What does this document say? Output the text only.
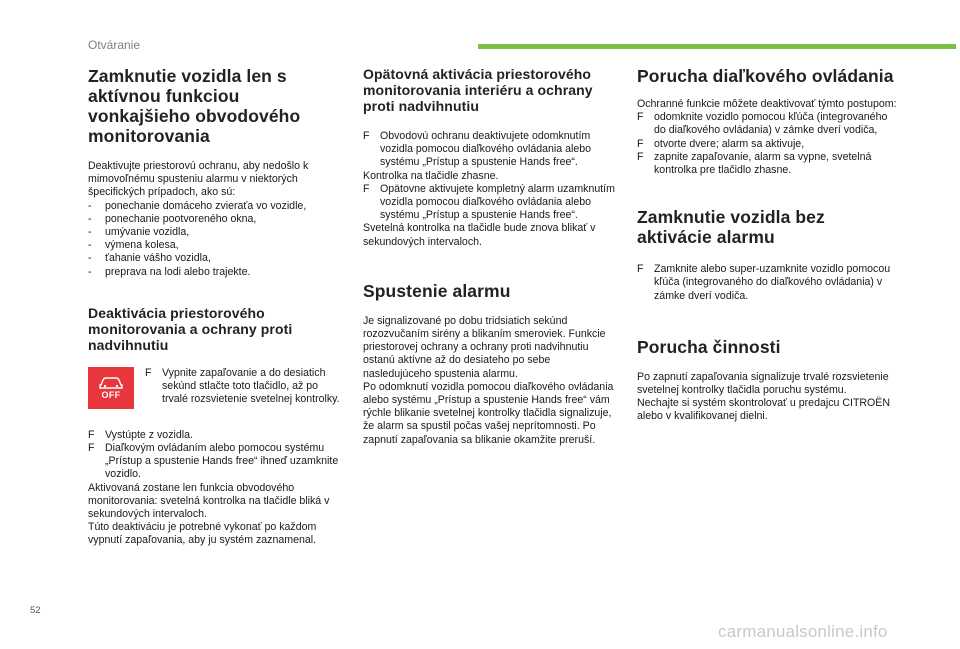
Otváranie
Zamknutie vozidla len s aktívnou funkciou vonkajšieho obvodového monitorovania
Deaktivujte priestorovú ochranu, aby nedošlo k mimovoľnému spusteniu alarmu v niektorých špecifických prípadoch, ako sú:
-	ponechanie domáceho zvieraťa vo vozidle,
-	ponechanie pootvoreného okna,
-	umývanie vozidla,
-	výmena kolesa,
-	ťahanie vášho vozidla,
-	preprava na lodi alebo trajekte.
Deaktivácia priestorového monitorovania a ochrany proti nadvihnutiu
OFF
F Vypnite zapaľovanie a do desiatich sekúnd stlačte toto tlačidlo, až po trvalé rozsvietenie svetelnej kontrolky.
F Vystúpte z vozidla.
F Diaľkovým ovládaním alebo pomocou systému „Prístup a spustenie Hands free“ ihneď uzamknite vozidlo.
Aktivovaná zostane len funkcia obvodového monitorovania: svetelná kontrolka na tlačidle bliká v sekundových intervaloch.
Túto deaktiváciu je potrebné vykonať po každom vypnutí zapaľovania, aby ju systém zaznamenal.
Opätovná aktivácia priestorového monitorovania interiéru a ochrany proti nadvihnutiu
F Obvodovú ochranu deaktivujete odomknutím vozidla pomocou diaľkového ovládania alebo systému „Prístup a spustenie Hands free“.
Kontrolka na tlačidle zhasne.
F Opätovne aktivujete kompletný alarm uzamknutím vozidla pomocou diaľkového ovládania alebo systému „Prístup a spustenie Hands free“.
Svetelná kontrolka na tlačidle bude znova blikať v sekundových intervaloch.
Spustenie alarmu
Je signalizované po dobu tridsiatich sekúnd rozozvučaním sirény a blikaním smeroviek. Funkcie priestorovej ochrany a ochrany proti nadvihnutiu ostanú aktívne až do desiateho po sebe nasledujúceho spustenia alarmu.
Po odomknutí vozidla pomocou diaľkového ovládania alebo systému „Prístup a spustenie Hands free“ vám rýchle blikanie svetelnej kontrolky tlačidla signalizuje, že alarm sa spustil počas vašej neprítomnosti. Po zapnutí zapaľovania sa blikanie okamžite preruší.
Porucha diaľkového ovládania
Ochranné funkcie môžete deaktivovať týmto postupom:
F odomknite vozidlo pomocou kľúča (integrovaného do diaľkového ovládania) v zámke dverí vodiča,
F otvorte dvere; alarm sa aktivuje,
F zapnite zapaľovanie, alarm sa vypne, svetelná kontrolka pre tlačidlo zhasne.
Zamknutie vozidla bez aktivácie alarmu
F Zamknite alebo super-uzamknite vozidlo pomocou kľúča (integrovaného do diaľkového ovládania) v zámke dverí vodiča.
Porucha činnosti
Po zapnutí zapaľovania signalizuje trvalé rozsvietenie svetelnej kontrolky tlačidla poruchu systému.
Nechajte si systém skontrolovať u predajcu CITROËN alebo v kvalifikovanej dielni.
52
carmanualsonline.info
